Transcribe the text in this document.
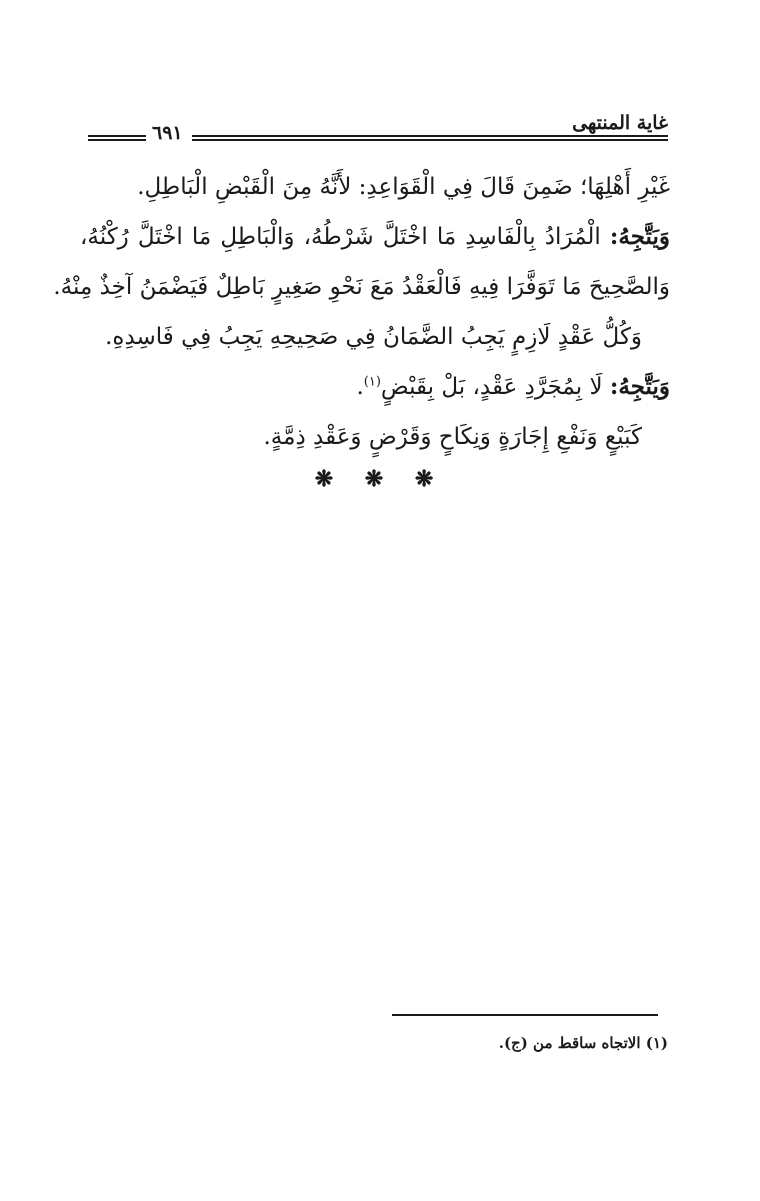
٦٩١	غاية المنتهى
غَيْرِ أَهْلِهَا؛ ضَمِنَ قَالَ فِي الْقَوَاعِدِ: لأَنَّهُ مِنَ الْقَبْضِ الْبَاطِلِ.
وَيَتَّجِهُ: الْمُرَادُ بِالْفَاسِدِ مَا اخْتَلَّ شَرْطُهُ، وَالْبَاطِلِ مَا اخْتَلَّ رُكْنُهُ،
وَالصَّحِيحَ مَا تَوَفَّرَا فِيهِ فَالْعَقْدُ مَعَ نَحْوِ صَغِيرٍ بَاطِلٌ فَيَضْمَنُ آخِذٌ مِنْهُ.
وَكُلُّ عَقْدٍ لَازِمٍ يَجِبُ الضَّمَانُ فِي صَحِيحِهِ يَجِبُ فِي فَاسِدِهِ.
وَيَتَّجِهُ: لَا بِمُجَرَّدِ عَقْدٍ، بَلْ بِقَبْضٍ$^{(١)}$.
كَبَيْعٍ وَنَفْعِ إِجَارَةٍ وَنِكَاحٍ وَقَرْضٍ وَعَقْدِ ذِمَّةٍ.
❋ ❋ ❋
(١) الاتجاه ساقط من (ج).
